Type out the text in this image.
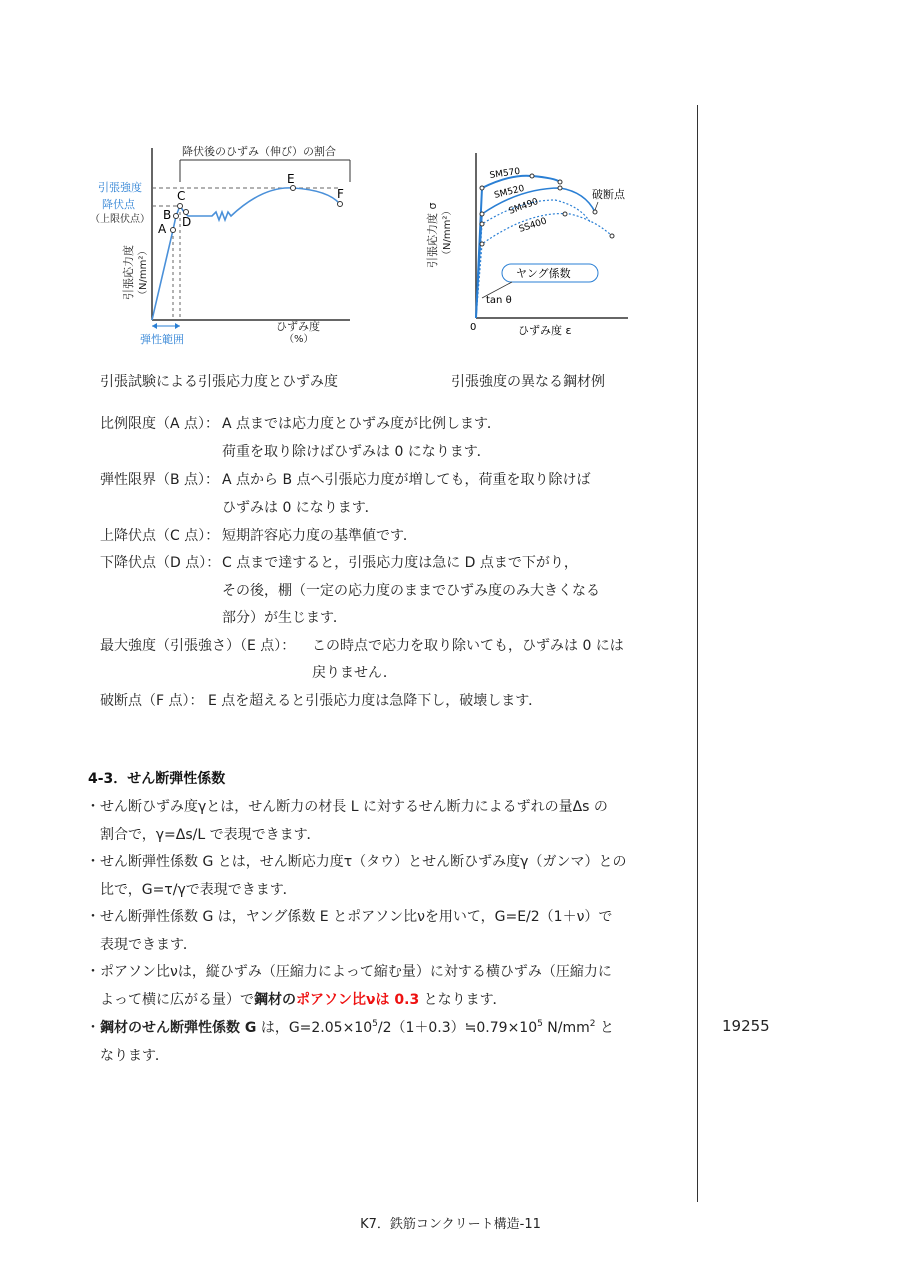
19255
降伏後のひずみ（伸び）の割合
A
B
C
D
E
F
引張強度
降伏点
（上限伏点）
引張応力度 （N/mm²）
弾性範囲
ひずみ度
（%）
0
引張応力度 σ （N/mm²）
SM570
SM520
SM490
SS400
破断点
ヤング係数
tan θ
ひずみ度 ε
引張試験による引張応力度とひずみ度	引張強度の異なる鋼材例
比例限度（A 点）： A 点までは応力度とひずみ度が比例します．
荷重を取り除けばひずみは 0 になります．
弾性限界（B 点）： A 点から B 点へ引張応力度が増しても，荷重を取り除けば
ひずみは 0 になります．
上降伏点（C 点）： 短期許容応力度の基準値です．
下降伏点（D 点）： C 点まで達すると，引張応力度は急に D 点まで下がり，
その後，棚（一定の応力度のままでひずみ度のみ大きくなる
部分）が生じます．
最大強度（引張強さ）（E 点）： この時点で応力を取り除いても，ひずみは 0 には
戻りません．
破断点（F 点）： E 点を超えると引張応力度は急降下し，破壊します．
4-3．せん断弾性係数
・せん断ひずみ度γとは，せん断力の材長 L に対するせん断力によるずれの量Δs の
割合で，γ=Δs/L で表現できます．
・せん断弾性係数 G とは，せん断応力度τ（タウ）とせん断ひずみ度γ（ガンマ）との
比で，G=τ/γで表現できます．
・せん断弾性係数 G は，ヤング係数 E とポアソン比νを用いて，G=E/2（1＋ν）で
表現できます．
・ポアソン比νは，縦ひずみ（圧縮力によって縮む量）に対する横ひずみ（圧縮力に
よって横に広がる量）で鋼材のポアソン比νは 0.3 となります．
・鋼材のせん断弾性係数 G は，$G=2.05\times 10^5/2(1+0.3)≒0.79\times 10^5$ $N/mm^2$ と
なります．
K7．鉄筋コンクリート構造-11
